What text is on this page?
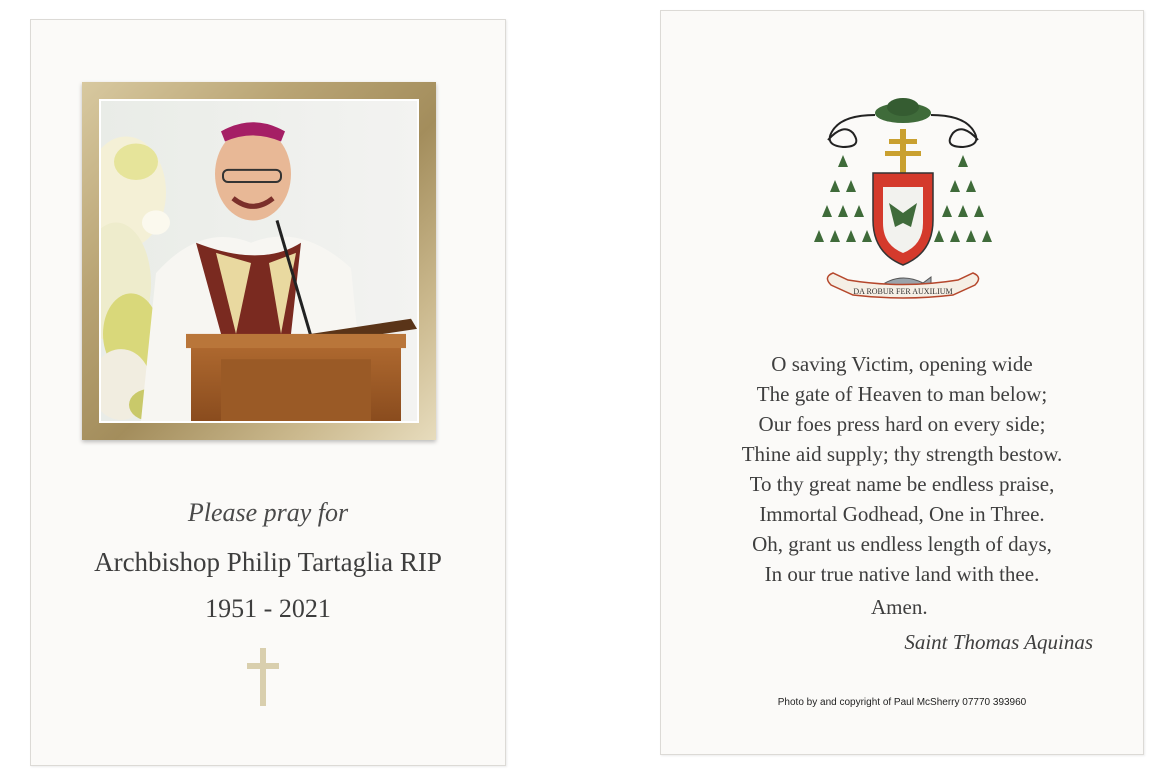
Please pray for
Archbishop Philip Tartaglia RIP
1951 - 2021
DA ROBUR FER AUXILIUM

O saving Victim, opening wide

The gate of Heaven to man below;

Our foes press hard on every side;

Thine aid supply; thy strength bestow.

To thy great name be endless praise,

Immortal Godhead, One in Three.

Oh, grant us endless length of days,

In our true native land with thee.

Amen.
Saint Thomas Aquinas
Photo by and copyright of Paul McSherry 07770 393960
